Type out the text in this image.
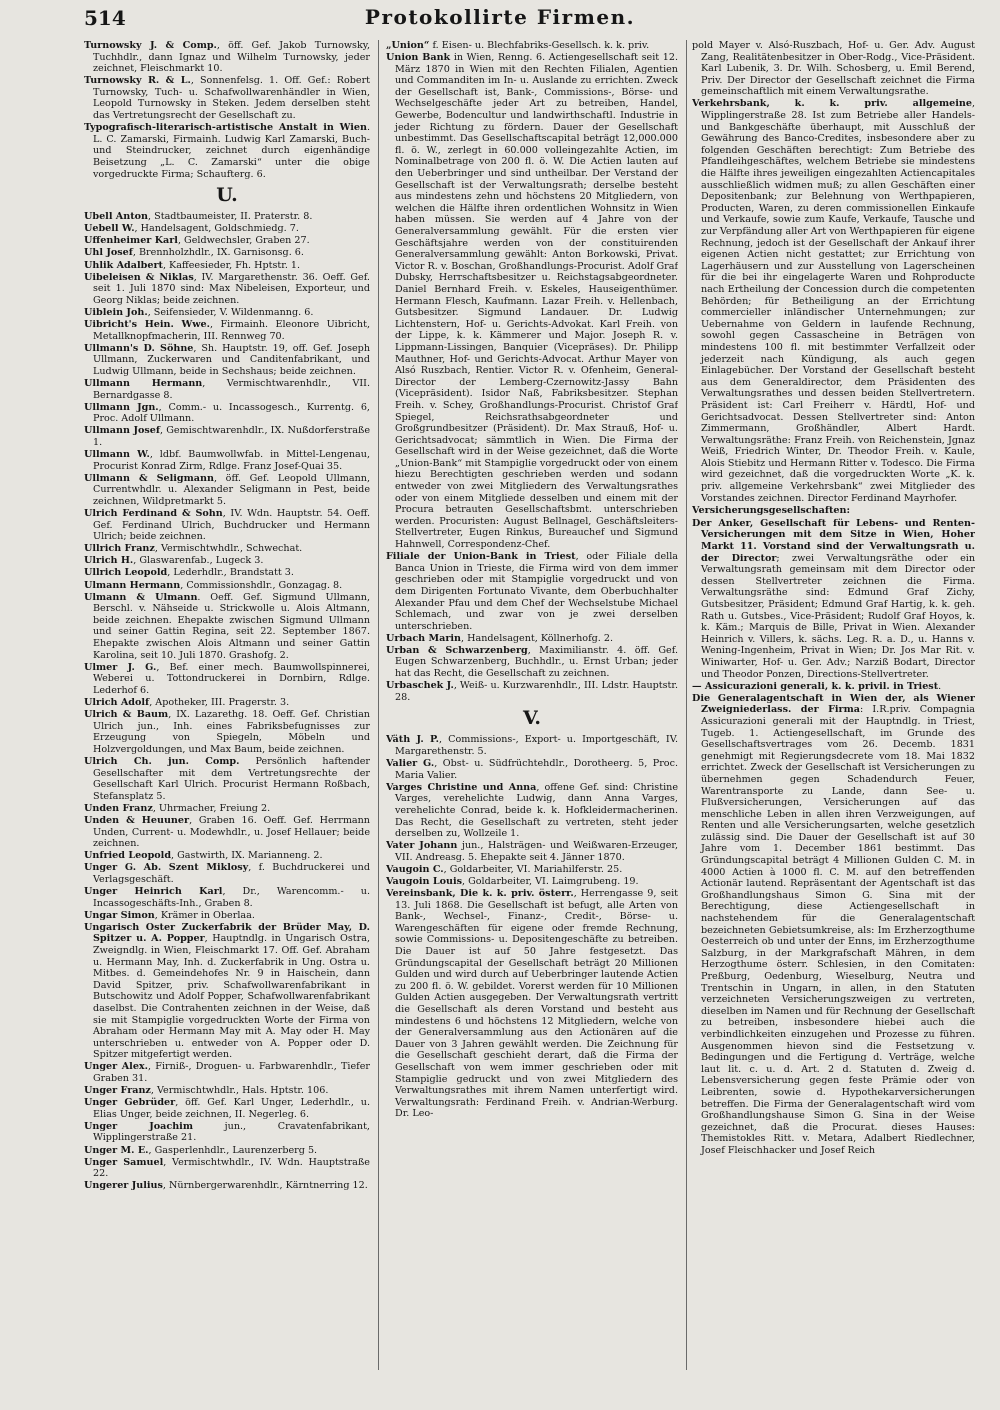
514	Protokollirte Firmen.
Turnowsky J. & Comp., öff. Gef. Jakob Turnowsky, Tuchhdlr., dann Ignaz und Wilhelm Turnowsky, jeder zeichnet, Fleischmarkt 10.
Turnowsky R. & L., Sonnenfelsg. 1. Off. Gef.: Robert Turnowsky, Tuch- u. Schafwollwarenhändler in Wien, Leopold Turnowsky in Steken. Jedem derselben steht das Vertretungsrecht der Gesellschaft zu.
Typografisch-literarisch-artistische Anstalt in Wien. L. C. Zamarski, Firmainh. Ludwig Karl Zamarski, Buch- und Steindrucker, zeichnet durch eigenhändige Beisetzung „L. C. Zamarski“ unter die obige vorgedruckte Firma; Schaufterg. 6.
U.
Ubell Anton, Stadtbaumeister, II. Praterstr. 8.
Uebell W., Handelsagent, Goldschmiedg. 7.
Uffenheimer Karl, Geldwechsler, Graben 27.
Uhl Josef, Brennholzhdlr., IX. Garnisonsg. 6.
Uhlik Adalbert, Kaffeesieder, Fh. Hptstr. 1.
Uibeleisen & Niklas, IV. Margarethenstr. 36. Oeff. Gef. seit 1. Juli 1870 sind: Max Nibeleisen, Exporteur, und Georg Niklas; beide zeichnen.
Uiblein Joh., Seifensieder, V. Wildenmanng. 6.
Uibricht's Hein. Wwe., Firmainh. Eleonore Uibricht, Metallknopfmacherin, III. Rennweg 70.
Ullmann's D. Söhne, Sh. Hauptstr. 19, off. Gef. Joseph Ullmann, Zuckerwaren und Canditenfabrikant, und Ludwig Ullmann, beide in Sechshaus; beide zeichnen.
Ullmann Hermann, Vermischtwarenhdlr., VII. Bernardgasse 8.
Ullmann Jgn., Comm.- u. Incassogesch., Kurrentg. 6, Proc. Adolf Ullmann.
Ullmann Josef, Gemischtwarenhdlr., IX. Nußdorferstraße 1.
Ullmann W., ldbf. Baumwollwfab. in Mittel-Lengenau, Procurist Konrad Zirm, Rdlge. Franz Josef-Quai 35.
Ullmann & Seligmann, öff. Gef. Leopold Ullmann, Currentwhdlr. u. Alexander Seligmann in Pest, beide zeichnen, Wildpretmarkt 5.
Ulrich Ferdinand & Sohn, IV. Wdn. Hauptstr. 54. Oeff. Gef. Ferdinand Ulrich, Buchdrucker und Hermann Ulrich; beide zeichnen.
Ullrich Franz, Vermischtwhdlr., Schwechat.
Ulrich H., Glaswarenfab., Lugeck 3.
Ullrich Leopold, Lederhdlr., Brandstatt 3.
Ulmann Hermann, Commissionshdlr., Gonzagag. 8.
Ulmann & Ulmann. Oeff. Gef. Sigmund Ullmann, Berschl. v. Nähseide u. Strickwolle u. Alois Altmann, beide zeichnen. Ehepakte zwischen Sigmund Ullmann und seiner Gattin Regina, seit 22. September 1867. Ehepakte zwischen Alois Altmann und seiner Gattin Karolina, seit 10. Juli 1870. Grashofg. 2.
Ulmer J. G., Bef. einer mech. Baumwollspinnerei, Weberei u. Tottondruckerei in Dornbirn, Rdlge. Lederhof 6.
Ulrich Adolf, Apotheker, III. Pragerstr. 3.
Ulrich & Baum, IX. Lazarethg. 18. Oeff. Gef. Christian Ulrich jun., Inh. eines Fabriksbefugnisses zur Erzeugung von Spiegeln, Möbeln und Holzvergoldungen, und Max Baum, beide zeichnen.
Ulrich Ch. jun. Comp. Persönlich haftender Gesellschafter mit dem Vertretungsrechte der Gesellschaft Karl Ulrich. Procurist Hermann Roßbach, Stefansplatz 5.
Unden Franz, Uhrmacher, Freiung 2.
Unden & Heuuner, Graben 16. Oeff. Gef. Herrmann Unden, Current- u. Modewhdlr., u. Josef Hellauer; beide zeichnen.
Unfried Leopold, Gastwirth, IX. Marianneng. 2.
Unger G. Ab. Szent Miklosy, f. Buchdruckerei und Verlagsgeschäft.
Unger Heinrich Karl, Dr., Warencomm.- u. Incassogeschäfts-Inh., Graben 8.
Ungar Simon, Krämer in Oberlaa.
Ungarisch Oster Zuckerfabrik der Brüder May, D. Spitzer u. A. Popper, Hauptndlg. in Ungarisch Ostra, Zweigndlg. in Wien, Fleischmarkt 17. Off. Gef. Abraham u. Hermann May, Inh. d. Zuckerfabrik in Ung. Ostra u. Mitbes. d. Gemeindehofes Nr. 9 in Haischein, dann David Spitzer, priv. Schafwollwarenfabrikant in Butschowitz und Adolf Popper, Schafwollwarenfabrikant daselbst. Die Contrahenten zeichnen in der Weise, daß sie mit Stampiglie vorgedruckten Worte der Firma von Abraham oder Hermann May mit A. May oder H. May unterschrieben u. entweder von A. Popper oder D. Spitzer mitgefertigt werden.
Unger Alex., Firniß-, Droguen- u. Farbwarenhdlr., Tiefer Graben 31.
Unger Franz, Vermischtwhdlr., Hals. Hptstr. 106.
Unger Gebrüder, öff. Gef. Karl Unger, Lederhdlr., u. Elias Unger, beide zeichnen, II. Negerleg. 6.
Unger Joachim jun., Cravatenfabrikant, Wipplingerstraße 21.
Unger M. E., Gasperlenhdlr., Laurenzerberg 5.
Unger Samuel, Vermischtwhdlr., IV. Wdn. Hauptstraße 22.
Ungerer Julius, Nürnbergerwarenhdlr., Kärntnerring 12.
„Union“ f. Eisen- u. Blechfabriks-Gesellsch. k. k. priv.
Union Bank in Wien, Renng. 6. Actiengesellschaft seit 12. März 1870 in Wien mit den Rechten Filialen, Agentien und Commanditen im In- u. Auslande zu errichten. Zweck der Gesellschaft ist, Bank-, Commissions-, Börse- und Wechselgeschäfte jeder Art zu betreiben, Handel, Gewerbe, Bodencultur und landwirthschaftl. Industrie in jeder Richtung zu fördern. Dauer der Gesellschaft unbestimmt. Das Gesellschaftscapital beträgt 12,000.000 fl. ö. W., zerlegt in 60.000 volleingezahlte Actien, im Nominalbetrage von 200 fl. ö. W. Die Actien lauten auf den Ueberbringer und sind untheilbar. Der Verstand der Gesellschaft ist der Verwaltungsrath; derselbe besteht aus mindestens zehn und höchstens 20 Mitgliedern, von welchen die Hälfte ihren ordentlichen Wohnsitz in Wien haben müssen. Sie werden auf 4 Jahre von der Generalversammlung gewählt. Für die ersten vier Geschäftsjahre werden von der constituirenden Generalversammlung gewählt: Anton Borkowski, Privat. Victor R. v. Boschan, Großhandlungs-Procurist. Adolf Graf Dubsky, Herrschaftsbesitzer u. Reichstagsabgeordneter. Daniel Bernhard Freih. v. Eskeles, Hauseigenthümer. Hermann Flesch, Kaufmann. Lazar Freih. v. Hellenbach, Gutsbesitzer. Sigmund Landauer. Dr. Ludwig Lichtenstern, Hof- u. Gerichts-Advokat. Karl Freih. von der Lippe, k. k. Kämmerer und Major. Joseph R. v. Lippmann-Lissingen, Banquier (Vicepräses). Dr. Philipp Mauthner, Hof- und Gerichts-Advocat. Arthur Mayer von Alsó Ruszbach, Rentier. Victor R. v. Ofenheim, General-Director der Lemberg-Czernowitz-Jassy Bahn (Vicepräsident). Isidor Naß, Fabriksbesitzer. Stephan Freih. v. Schey, Großhandlungs-Procurist. Christof Graf Spiegel, Reichsrathsabgeordneter und Großgrundbesitzer (Präsident). Dr. Max Strauß, Hof- u. Gerichtsadvocat; sämmtlich in Wien. Die Firma der Gesellschaft wird in der Weise gezeichnet, daß die Worte „Union-Bank“ mit Stampiglie vorgedruckt oder von einem hiezu Berechtigten geschrieben werden und sodann entweder von zwei Mitgliedern des Verwaltungsrathes oder von einem Mitgliede desselben und einem mit der Procura betrauten Gesellschaftsbmt. unterschrieben werden. Procuristen: August Bellnagel, Geschäftsleiters-Stellvertreter, Eugen Rinkus, Bureauchef und Sigmund Hahnwell, Correspondenz-Chef.
Filiale der Union-Bank in Triest, oder Filiale della Banca Union in Trieste, die Firma wird von dem immer geschrieben oder mit Stampiglie vorgedruckt und von dem Dirigenten Fortunato Vivante, dem Oberbuchhalter Alexander Pfau und dem Chef der Wechselstube Michael Schlemach, und zwar von je zwei derselben unterschrieben.
Urbach Marin, Handelsagent, Köllnerhofg. 2.
Urban & Schwarzenberg, Maximilianstr. 4. öff. Gef. Eugen Schwarzenberg, Buchhdlr., u. Ernst Urban; jeder hat das Recht, die Gesellschaft zu zeichnen.
Urbaschek J., Weiß- u. Kurzwarenhdlr., III. Ldstr. Hauptstr. 28.
V.
Väth J. P., Commissions-, Export- u. Importgeschäft, IV. Margarethenstr. 5.
Valier G., Obst- u. Südfrüchtehdlr., Dorotheerg. 5, Proc. Maria Valier.
Varges Christine und Anna, offene Gef. sind: Christine Varges, verehelichte Ludwig, dann Anna Varges, verehelichte Conrad, beide k. k. Hofkleidermacherinen. Das Recht, die Gesellschaft zu vertreten, steht jeder derselben zu, Wollzeile 1.
Vater Johann jun., Halsträgen- und Weißwaren-Erzeuger, VII. Andreasg. 5. Ehepakte seit 4. Jänner 1870.
Vaugoin C., Goldarbeiter, VI. Mariahilferstr. 25.
Vaugoin Louis, Goldarbeiter, VI. Laimgrubeng. 19.
Vereinsbank, Die k. k. priv. österr., Herrengasse 9, seit 13. Juli 1868. Die Gesellschaft ist befugt, alle Arten von Bank-, Wechsel-, Finanz-, Credit-, Börse- u. Warengeschäften für eigene oder fremde Rechnung, sowie Commissions- u. Depositengeschäfte zu betreiben. Die Dauer ist auf 50 Jahre festgesetzt. Das Gründungscapital der Gesellschaft beträgt 20 Millionen Gulden und wird durch auf Ueberbringer lautende Actien zu 200 fl. ö. W. gebildet. Vorerst werden für 10 Millionen Gulden Actien ausgegeben. Der Verwaltungsrath vertritt die Gesellschaft als deren Vorstand und besteht aus mindestens 6 und höchstens 12 Mitgliedern, welche von der Generalversammlung aus den Actionären auf die Dauer von 3 Jahren gewählt werden. Die Zeichnung für die Gesellschaft geschieht derart, daß die Firma der Gesellschaft von wem immer geschrieben oder mit Stampiglie gedruckt und von zwei Mitgliedern des Verwaltungsrathes mit ihrem Namen unterfertigt wird. Verwaltungsrath: Ferdinand Freih. v. Andrian-Werburg. Dr. Leo-
pold Mayer v. Alsó-Ruszbach, Hof- u. Ger. Adv. August Zang, Realitätenbesitzer in Ober-Rodg., Vice-Präsident. Karl Lubenik, 3. Dr. Wilh. Schosberg, u. Emil Berend, Priv. Der Director der Gesellschaft zeichnet die Firma gemeinschaftlich mit einem Verwaltungsrathe.
Verkehrsbank, k. k. priv. allgemeine, Wipplingerstraße 28. Ist zum Betriebe aller Handels- und Bankgeschäfte überhaupt, mit Ausschluß der Gewährung des Banco-Credites, insbesondere aber zu folgenden Geschäften berechtigt: Zum Betriebe des Pfandleihgeschäftes, welchem Betriebe sie mindestens die Hälfte ihres jeweiligen eingezahlten Actiencapitales ausschließlich widmen muß; zu allen Geschäften einer Depositenbank; zur Belehnung von Werthpapieren, Producten, Waren, zu deren commissionellen Einkaufe und Verkaufe, sowie zum Kaufe, Verkaufe, Tausche und zur Verpfändung aller Art von Werthpapieren für eigene Rechnung, jedoch ist der Gesellschaft der Ankauf ihrer eigenen Actien nicht gestattet; zur Errichtung von Lagerhäusern und zur Ausstellung von Lagerscheinen für die bei ihr eingelagerte Waren und Rohproducte nach Ertheilung der Concession durch die competenten Behörden; für Betheiligung an der Errichtung commercieller inländischer Unternehmungen; zur Uebernahme von Geldern in laufende Rechnung, sowohl gegen Cassascheine in Beträgen von mindestens 100 fl. mit bestimmter Verfallzeit oder jederzeit nach Kündigung, als auch gegen Einlagebücher. Der Vorstand der Gesellschaft besteht aus dem Generaldirector, dem Präsidenten des Verwaltungsrathes und dessen beiden Stellvertretern. Präsident ist: Carl Freiherr v. Härdtl, Hof- und Gerichtsadvocat. Dessen Stellvertreter sind: Anton Zimmermann, Großhändler, Albert Hardt. Verwaltungsräthe: Franz Freih. von Reichenstein, Jgnaz Weiß, Friedrich Winter, Dr. Theodor Freih. v. Kaule, Alois Stiebitz und Hermann Ritter v. Todesco. Die Firma wird gezeichnet, daß die vorgedruckten Worte „K. k. priv. allgemeine Verkehrsbank“ zwei Mitglieder des Vorstandes zeichnen. Director Ferdinand Mayrhofer.
Versicherungsgesellschaften:
Der Anker, Gesellschaft für Lebens- und Renten-Versicherungen mit dem Sitze in Wien, Hoher Markt 11. Vorstand sind der Verwaltungsrath u. der Director; zwei Verwaltungsräthe oder ein Verwaltungsrath gemeinsam mit dem Director oder dessen Stellvertreter zeichnen die Firma. Verwaltungsräthe sind: Edmund Graf Zichy, Gutsbesitzer, Präsident; Edmund Graf Hartig, k. k. geh. Rath u. Gutsbes., Vice-Präsident; Rudolf Graf Hoyos, k. k. Käm.; Marquis de Bille, Privat in Wien. Alexander Heinrich v. Villers, k. sächs. Leg. R. a. D., u. Hanns v. Wening-Ingenheim, Privat in Wien; Dr. Jos Mar Rit. v. Winiwarter, Hof- u. Ger. Adv.; Narziß Bodart, Director und Theodor Ponzen, Directions-Stellvertreter.
— Assicurazioni generali, k. k. privil. in Triest.
Die Generalagentschaft in Wien der, als Wiener Zweigniederlass. der Firma: I.R.priv. Compagnia Assicurazioni generali mit der Hauptndlg. in Triest, Tugeb. 1. Actiengesellschaft, im Grunde des Gesellschaftsvertrages vom 26. Decemb. 1831 genehmigt mit Regierungsdecrete vom 18. Mai 1832 errichtet. Zweck der Gesellschaft ist Versicherungen zu übernehmen gegen Schadendurch Feuer, Warentransporte zu Lande, dann See- u. Flußversicherungen, Versicherungen auf das menschliche Leben in allen ihren Verzweigungen, auf Renten und alle Versicherungsarten, welche gesetzlich zulässig sind. Die Dauer der Gesellschaft ist auf 30 Jahre vom 1. December 1861 bestimmt. Das Gründungscapital beträgt 4 Millionen Gulden C. M. in 4000 Actien à 1000 fl. C. M. auf den betreffenden Actionär lautend. Repräsentant der Agentschaft ist das Großhandlungshaus Simon G. Sina mit der Berechtigung, diese Actiengesellschaft in nachstehendem für die Generalagentschaft bezeichneten Gebietsumkreise, als: Im Erzherzogthume Oesterreich ob und unter der Enns, im Erzherzogthume Salzburg, in der Markgrafschaft Mähren, in dem Herzogthume österr. Schlesien, in den Comitaten: Preßburg, Oedenburg, Wieselburg, Neutra und Trentschin in Ungarn, in allen, in den Statuten verzeichneten Versicherungszweigen zu vertreten, dieselben im Namen und für Rechnung der Gesellschaft zu betreiben, insbesondere hiebei auch die verbindlichkeiten einzugehen und Prozesse zu führen. Ausgenommen hievon sind die Festsetzung v. Bedingungen und die Fertigung d. Verträge, welche laut lit. c. u. d. Art. 2 d. Statuten d. Zweig d. Lebensversicherung gegen feste Prämie oder von Leibrenten, sowie d. Hypothekarversicherungen betreffen. Die Firma der Generalagentschaft wird vom Großhandlungshause Simon G. Sina in der Weise gezeichnet, daß die Procurat. dieses Hauses: Themistokles Ritt. v. Metara, Adalbert Riedlechner, Josef Fleischhacker und Josef Reich
